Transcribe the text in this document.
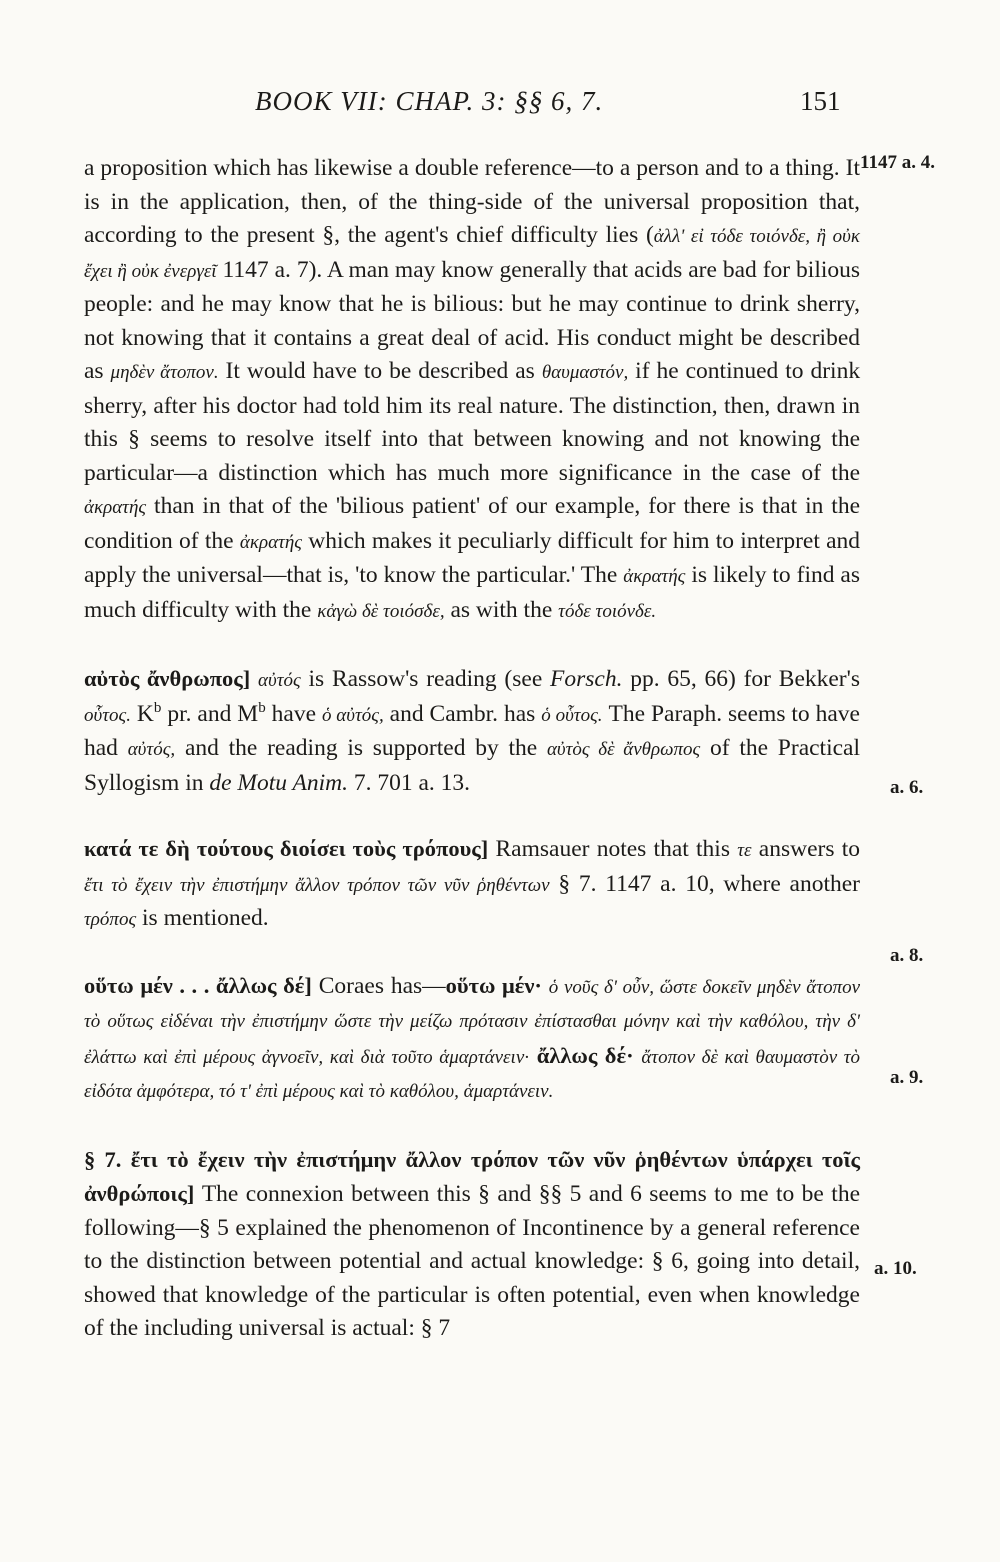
BOOK VII: CHAP. 3: §§ 6, 7.	151
1147 a. 4.
a. 6.
a. 8.
a. 9.
a. 10.

a proposition which has likewise a double reference—to a person and to a thing. It is in the application, then, of the thing-side of the universal proposition that, according to the present §, the agent's chief difficulty lies (ἀλλ' εἰ τόδε τοιόνδε, ἢ οὐκ ἔχει ἢ οὐκ ἐνεργεῖ 1147 a. 7). A man may know generally that acids are bad for bilious people: and he may know that he is bilious: but he may continue to drink sherry, not knowing that it contains a great deal of acid. His conduct might be described as μηδὲν ἄτοπον. It would have to be described as θαυμαστόν, if he continued to drink sherry, after his doctor had told him its real nature. The distinction, then, drawn in this § seems to resolve itself into that between knowing and not knowing the particular—a distinction which has much more significance in the case of the ἀκρατής than in that of the 'bilious patient' of our example, for there is that in the condition of the ἀκρατής which makes it peculiarly difficult for him to interpret and apply the universal—that is, 'to know the particular.' The ἀκρατής is likely to find as much difficulty with the κἀγὼ δὲ τοιόσδε, as with the τόδε τοιόνδε.

αὐτὸς ἄνθρωπος] αὐτός is Rassow's reading (see Forsch. pp. 65, 66) for Bekker's οὗτος. $K^b$ pr. and $M^b$ have ὁ αὐτός, and Cambr. has ὁ οὗτος. The Paraph. seems to have had αὐτός, and the reading is supported by the αὐτὸς δὲ ἄνθρωπος of the Practical Syllogism in de Motu Anim. 7. 701 a. 13.

κατά τε δὴ τούτους διοίσει τοὺς τρόπους] Ramsauer notes that this τε answers to ἔτι τὸ ἔχειν τὴν ἐπιστήμην ἄλλον τρόπον τῶν νῦν ῥηθέντων § 7. 1147 a. 10, where another τρόπος is mentioned.

οὕτω μέν . . . ἄλλως δέ] Coraes has—οὕτω μέν· ὁ νοῦς δ' οὖν, ὥστε δοκεῖν μηδὲν ἄτοπον τὸ οὕτως εἰδέναι τὴν ἐπιστήμην ὥστε τὴν μείζω πρότασιν ἐπίστασθαι μόνην καὶ τὴν καθόλου, τὴν δ' ἐλάττω καὶ ἐπὶ μέρους ἀγνοεῖν, καὶ διὰ τοῦτο ἁμαρτάνειν· ἄλλως δέ· ἄτοπον δὲ καὶ θαυμαστὸν τὸ εἰδότα ἀμφότερα, τό τ' ἐπὶ μέρους καὶ τὸ καθόλου, ἁμαρτάνειν.

§ 7. ἔτι τὸ ἔχειν τὴν ἐπιστήμην ἄλλον τρόπον τῶν νῦν ῥηθέντων ὑπάρχει τοῖς ἀνθρώποις] The connexion between this § and §§ 5 and 6 seems to me to be the following—§ 5 explained the phenomenon of Incontinence by a general reference to the distinction between potential and actual knowledge: § 6, going into detail, showed that knowledge of the particular is often potential, even when knowledge of the including universal is actual: § 7
